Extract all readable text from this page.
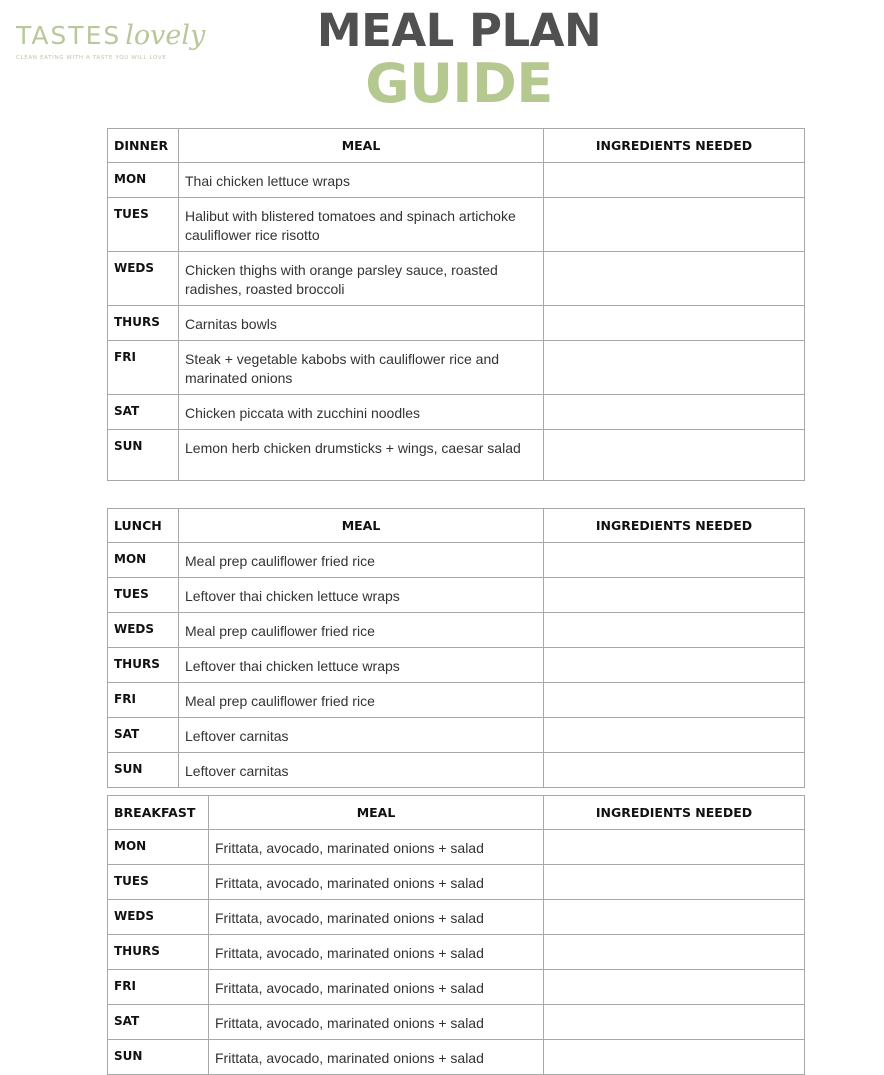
TASTES lovely
CLEAN EATING WITH A TASTE YOU WILL LOVE
MEAL PLAN
GUIDE
DINNER	MEAL	INGREDIENTS NEEDED
MON	Thai chicken lettuce wraps	
TUES	Halibut with blistered tomatoes and spinach artichoke cauliflower rice risotto	
WEDS	Chicken thighs with orange parsley sauce, roasted radishes, roasted broccoli	
THURS	Carnitas bowls	
FRI	Steak + vegetable kabobs with cauliflower rice and marinated onions	
SAT	Chicken piccata with zucchini noodles	
SUN	Lemon herb chicken drumsticks + wings, caesar salad	
LUNCH	MEAL	INGREDIENTS NEEDED
MON	Meal prep cauliflower fried rice	
TUES	Leftover thai chicken lettuce wraps	
WEDS	Meal prep cauliflower fried rice	
THURS	Leftover thai chicken lettuce wraps	
FRI	Meal prep cauliflower fried rice	
SAT	Leftover carnitas	
SUN	Leftover carnitas	
BREAKFAST	MEAL	INGREDIENTS NEEDED
MON	Frittata, avocado, marinated onions + salad	
TUES	Frittata, avocado, marinated onions + salad	
WEDS	Frittata, avocado, marinated onions + salad	
THURS	Frittata, avocado, marinated onions + salad	
FRI	Frittata, avocado, marinated onions + salad	
SAT	Frittata, avocado, marinated onions + salad	
SUN	Frittata, avocado, marinated onions + salad	
